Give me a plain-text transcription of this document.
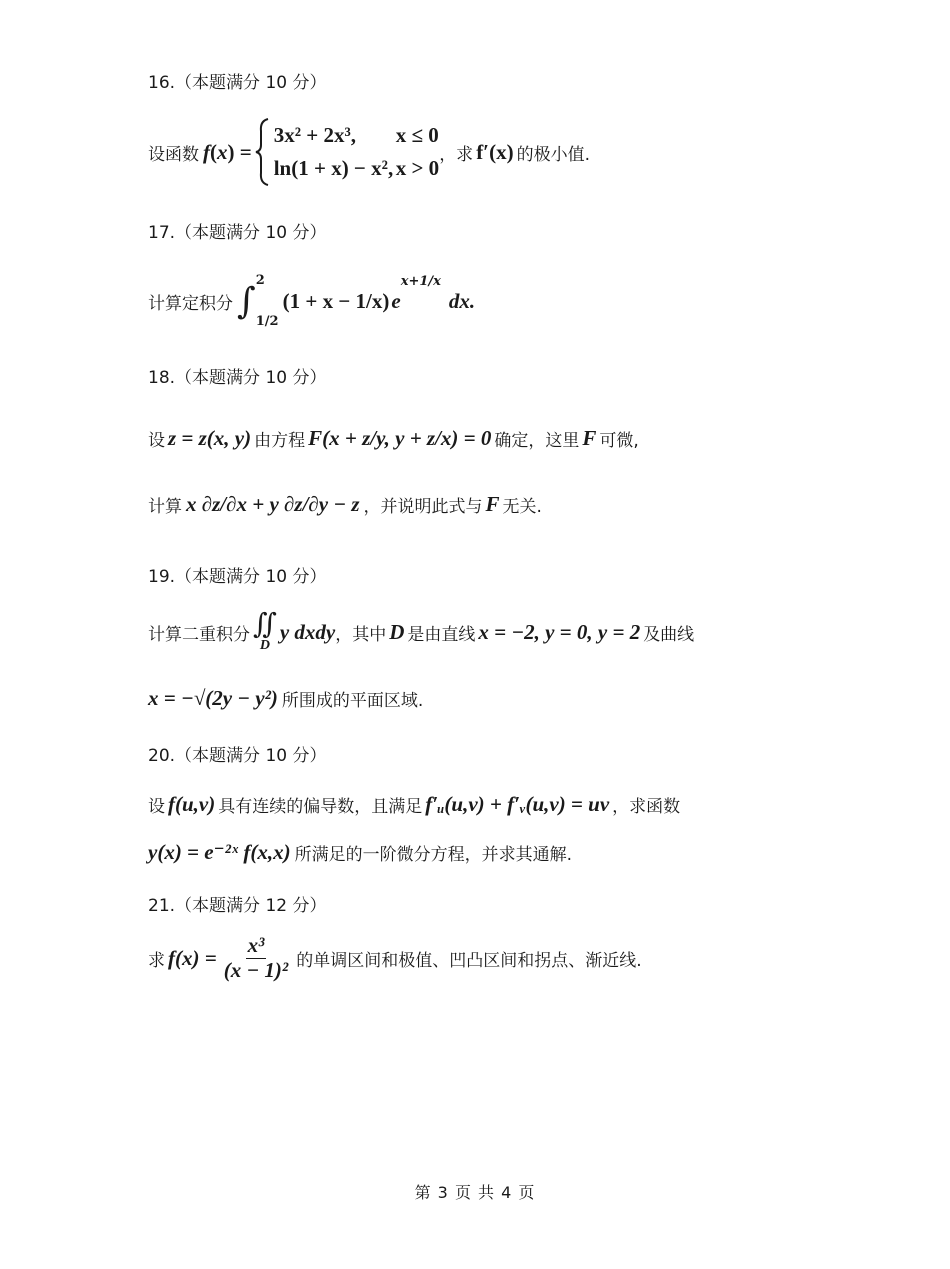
16.（本题满分 10 分）
设函数 f ( x ) =
3x² + 2x³,	x ≤ 0
ln(1 + x) − x², x > 0
，求 f′(x) 的极小值.
17.（本题满分 10 分）
计算定积分 ∫ 2
1/2
(1 + x − 1/x) e
$^{x+1/x}$
dx.
18.（本题满分 10 分）
设 z = z(x, y) 由方程 F(x + z/y, y + z/x) = 0 确定，这里 F 可微,
计算 x ∂z/∂x + y ∂z/∂y − z ，并说明此式与 F 无关.
19.（本题满分 10 分）
计算二重积分 ∬
D
y dxdy ，其中 D 是由直线 x = −2, y = 0, y = 2 及曲线
x = −√(2y − y²) 所围成的平面区域.
20.（本题满分 10 分）
设 f(u,v) 具有连续的偏导数，且满足 f′ᵤ(u,v) + f′ᵥ(u,v) = uv ，求函数
y(x) = e⁻²ˣ f(x,x) 所满足的一阶微分方程，并求其通解.
21.（本题满分 12 分）
求 $f(x) = \frac{\text{x³}}{\text{(x − 1)²}}$ 的单调区间和极值、凹凸区间和拐点、渐近线.
第 3 页 共 4 页
